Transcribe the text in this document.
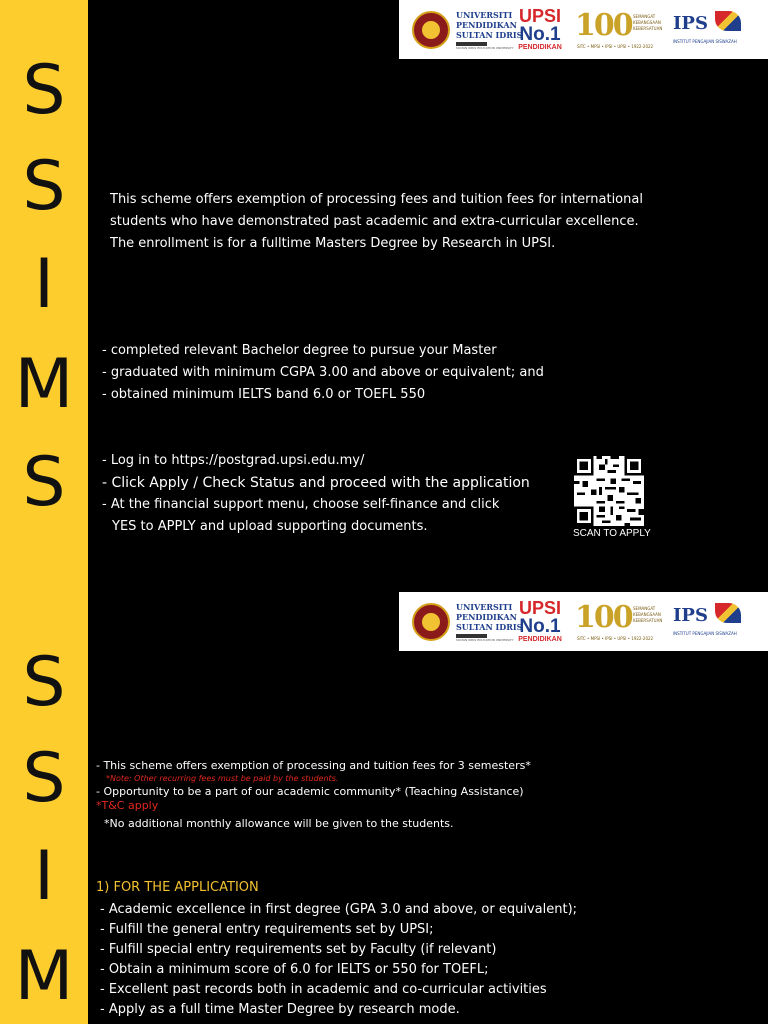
S
S
I
M
S
UNIVERSITI
PENDIDIKAN
SULTAN IDRIS
SULTAN IDRIS EDUCATION UNIVERSITY
UPSI
No.1
PENDIDIKAN
100 SEMANGAT
KEBANGSAAN
KEBERSATUAN
SITC • MPSI • IPSI • UPSI • 1922-2022
IPS
INSTITUT PENGAJIAN SISWAZAH
This scheme offers exemption of processing fees and tuition fees for international
students who have demonstrated past academic and extra-curricular excellence.
The enrollment is for a fulltime Masters Degree by Research in UPSI.
- completed relevant Bachelor degree to pursue your Master
- graduated with minimum CGPA 3.00 and above or equivalent; and
- obtained minimum IELTS band 6.0 or TOEFL 550
- Log in to https://postgrad.upsi.edu.my/
- Click Apply / Check Status and proceed with the application
- At the financial support menu, choose self-finance and click
YES to APPLY and upload supporting documents.	SCAN TO APPLY
S
S
I
M
UNIVERSITI
PENDIDIKAN
SULTAN IDRIS
SULTAN IDRIS EDUCATION UNIVERSITY
UPSI
No.1
PENDIDIKAN
100 SEMANGAT
KEBANGSAAN
KEBERSATUAN
SITC • MPSI • IPSI • UPSI • 1922-2022
IPS
INSTITUT PENGAJIAN SISWAZAH
- This scheme offers exemption of processing and tuition fees for 3 semesters*
*Note: Other recurring fees must be paid by the students.
- Opportunity to be a part of our academic community* (Teaching Assistance)
*T&C apply
*No additional monthly allowance will be given to the students.
1) FOR THE APPLICATION
- Academic excellence in first degree (GPA 3.0 and above, or equivalent);
- Fulfill the general entry requirements set by UPSI;
- Fulfill special entry requirements set by Faculty (if relevant)
- Obtain a minimum score of 6.0 for IELTS or 550 for TOEFL;
- Excellent past records both in academic and co-curricular activities
- Apply as a full time Master Degree by research mode.
